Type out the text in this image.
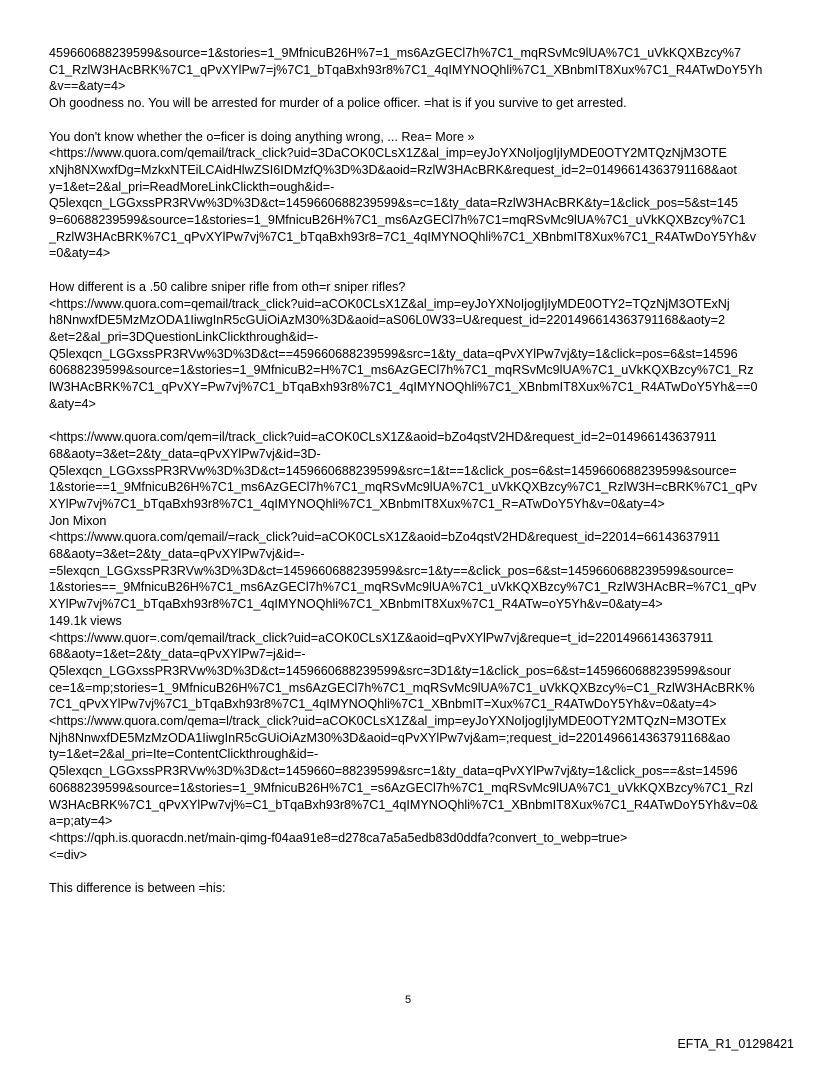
459660688239599&source=1&stories=1_9MfnicuB26H%7=1_ms6AzGECl7h%7C1_mqRSvMc9lUA%7C1_uVkKQXBzcy%7
C1_RzlW3HAcBRK%7C1_qPvXYlPw7=j%7C1_bTqaBxh93r8%7C1_4qIMYNOQhli%7C1_XBnbmIT8Xux%7C1_R4ATwDoY5Yh
&v==&aty=4>
Oh goodness no. You will be arrested for murder of a police officer. =hat is if you survive to get arrested.
You don't know whether the o=ficer is doing anything wrong, ... Rea= More »
<https://www.quora.com/qemail/track_click?uid=3DaCOK0CLsX1Z&al_imp=eyJoYXNoIjogIjIyMDE0OTY2MTQzNjM3OTE
xNjh8NXwxfDg=MzkxNTEiLCAidHlwZSI6IDMzfQ%3D%3D&aoid=RzlW3HAcBRK&request_id=2=01496614363791168&aot
y=1&et=2&al_pri=ReadMoreLinkClickth=ough&id=-
Q5lexqcn_LGGxssPR3RVw%3D%3D&ct=1459660688239599&s=c=1&ty_data=RzlW3HAcBRK&ty=1&click_pos=5&st=145
9=60688239599&source=1&stories=1_9MfnicuB26H%7C1_ms6AzGECl7h%7C1=mqRSvMc9lUA%7C1_uVkKQXBzcy%7C1
_RzlW3HAcBRK%7C1_qPvXYlPw7vj%7C1_bTqaBxh93r8=7C1_4qIMYNOQhli%7C1_XBnbmIT8Xux%7C1_R4ATwDoY5Yh&v
=0&aty=4>
How different is a .50 calibre sniper rifle from oth=r sniper rifles?
<https://www.quora.com=qemail/track_click?uid=aCOK0CLsX1Z&al_imp=eyJoYXNoIjogIjIyMDE0OTY2=TQzNjM3OTExNj
h8NnwxfDE5MzMzODA1IiwgInR5cGUiOiAzM30%3D&aoid=aS06L0W33=U&request_id=2201496614363791168&aoty=2
&et=2&al_pri=3DQuestionLinkClickthrough&id=-
Q5lexqcn_LGGxssPR3RVw%3D%3D&ct==459660688239599&src=1&ty_data=qPvXYlPw7vj&ty=1&click=pos=6&st=14596
60688239599&source=1&stories=1_9MfnicuB2=H%7C1_ms6AzGECl7h%7C1_mqRSvMc9lUA%7C1_uVkKQXBzcy%7C1_Rz
lW3HAcBRK%7C1_qPvXY=Pw7vj%7C1_bTqaBxh93r8%7C1_4qIMYNOQhli%7C1_XBnbmIT8Xux%7C1_R4ATwDoY5Yh&==0
&aty=4>
<https://www.quora.com/qem=il/track_click?uid=aCOK0CLsX1Z&aoid=bZo4qstV2HD&request_id=2=014966143637911
68&aoty=3&et=2&ty_data=qPvXYlPw7vj&id=3D-
Q5lexqcn_LGGxssPR3RVw%3D%3D&ct=1459660688239599&src=1&t==1&click_pos=6&st=1459660688239599&source=
1&storie==1_9MfnicuB26H%7C1_ms6AzGECl7h%7C1_mqRSvMc9lUA%7C1_uVkKQXBzcy%7C1_RzlW3H=cBRK%7C1_qPv
XYlPw7vj%7C1_bTqaBxh93r8%7C1_4qIMYNOQhli%7C1_XBnbmIT8Xux%7C1_R=ATwDoY5Yh&v=0&aty=4>
Jon Mixon
<https://www.quora.com/qemail/=rack_click?uid=aCOK0CLsX1Z&aoid=bZo4qstV2HD&request_id=22014=66143637911
68&aoty=3&et=2&ty_data=qPvXYlPw7vj&id=-
=5lexqcn_LGGxssPR3RVw%3D%3D&ct=1459660688239599&src=1&ty==&click_pos=6&st=1459660688239599&source=
1&stories==_9MfnicuB26H%7C1_ms6AzGECl7h%7C1_mqRSvMc9lUA%7C1_uVkKQXBzcy%7C1_RzlW3HAcBR=%7C1_qPv
XYlPw7vj%7C1_bTqaBxh93r8%7C1_4qIMYNOQhli%7C1_XBnbmIT8Xux%7C1_R4ATw=oY5Yh&v=0&aty=4>
149.1k views
<https://www.quor=.com/qemail/track_click?uid=aCOK0CLsX1Z&aoid=qPvXYlPw7vj&reque=t_id=22014966143637911
68&aoty=1&et=2&ty_data=qPvXYlPw7=j&id=-
Q5lexqcn_LGGxssPR3RVw%3D%3D&ct=1459660688239599&src=3D1&ty=1&click_pos=6&st=1459660688239599&sour
ce=1&=mp;stories=1_9MfnicuB26H%7C1_ms6AzGECl7h%7C1_mqRSvMc9lUA%7C1_uVkKQXBzcy%=C1_RzlW3HAcBRK%
7C1_qPvXYlPw7vj%7C1_bTqaBxh93r8%7C1_4qIMYNOQhli%7C1_XBnbmIT=Xux%7C1_R4ATwDoY5Yh&v=0&aty=4>
<https://www.quora.com/qema=l/track_click?uid=aCOK0CLsX1Z&al_imp=eyJoYXNoIjogIjIyMDE0OTY2MTQzN=M3OTEx
Njh8NnwxfDE5MzMzODA1IiwgInR5cGUiOiAzM30%3D&aoid=qPvXYlPw7vj&am=;request_id=2201496614363791168&ao
ty=1&et=2&al_pri=Ite=ContentClickthrough&id=-
Q5lexqcn_LGGxssPR3RVw%3D%3D&ct=1459660=88239599&src=1&ty_data=qPvXYlPw7vj&ty=1&click_pos==&st=14596
60688239599&source=1&stories=1_9MfnicuB26H%7C1_=s6AzGECl7h%7C1_mqRSvMc9lUA%7C1_uVkKQXBzcy%7C1_Rzl
W3HAcBRK%7C1_qPvXYlPw7vj%=C1_bTqaBxh93r8%7C1_4qIMYNOQhli%7C1_XBnbmIT8Xux%7C1_R4ATwDoY5Yh&v=0&
a=p;aty=4>
<https://qph.is.quoracdn.net/main-qimg-f04aa91e8=d278ca7a5a5edb83d0ddfa?convert_to_webp=true>
<=div>
This difference is between =his:
5
EFTA_R1_01298421
